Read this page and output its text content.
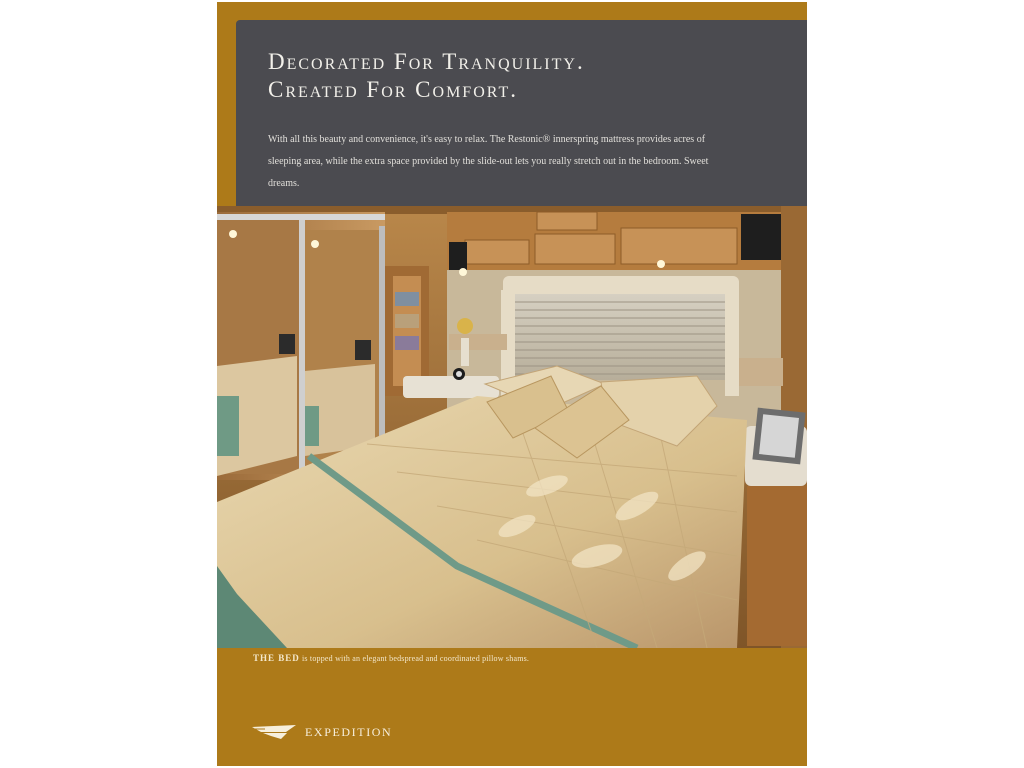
Decorated For Tranquility.
Created For Comfort.

With all this beauty and convenience, it's easy to relax. The Restonic® innerspring mattress provides acres of sleeping area, while the extra space provided by the slide-out lets you really stretch out in the bedroom. Sweet dreams.

THE BED is topped with an elegant bedspread and coordinated pillow shams.
EXPEDITION
